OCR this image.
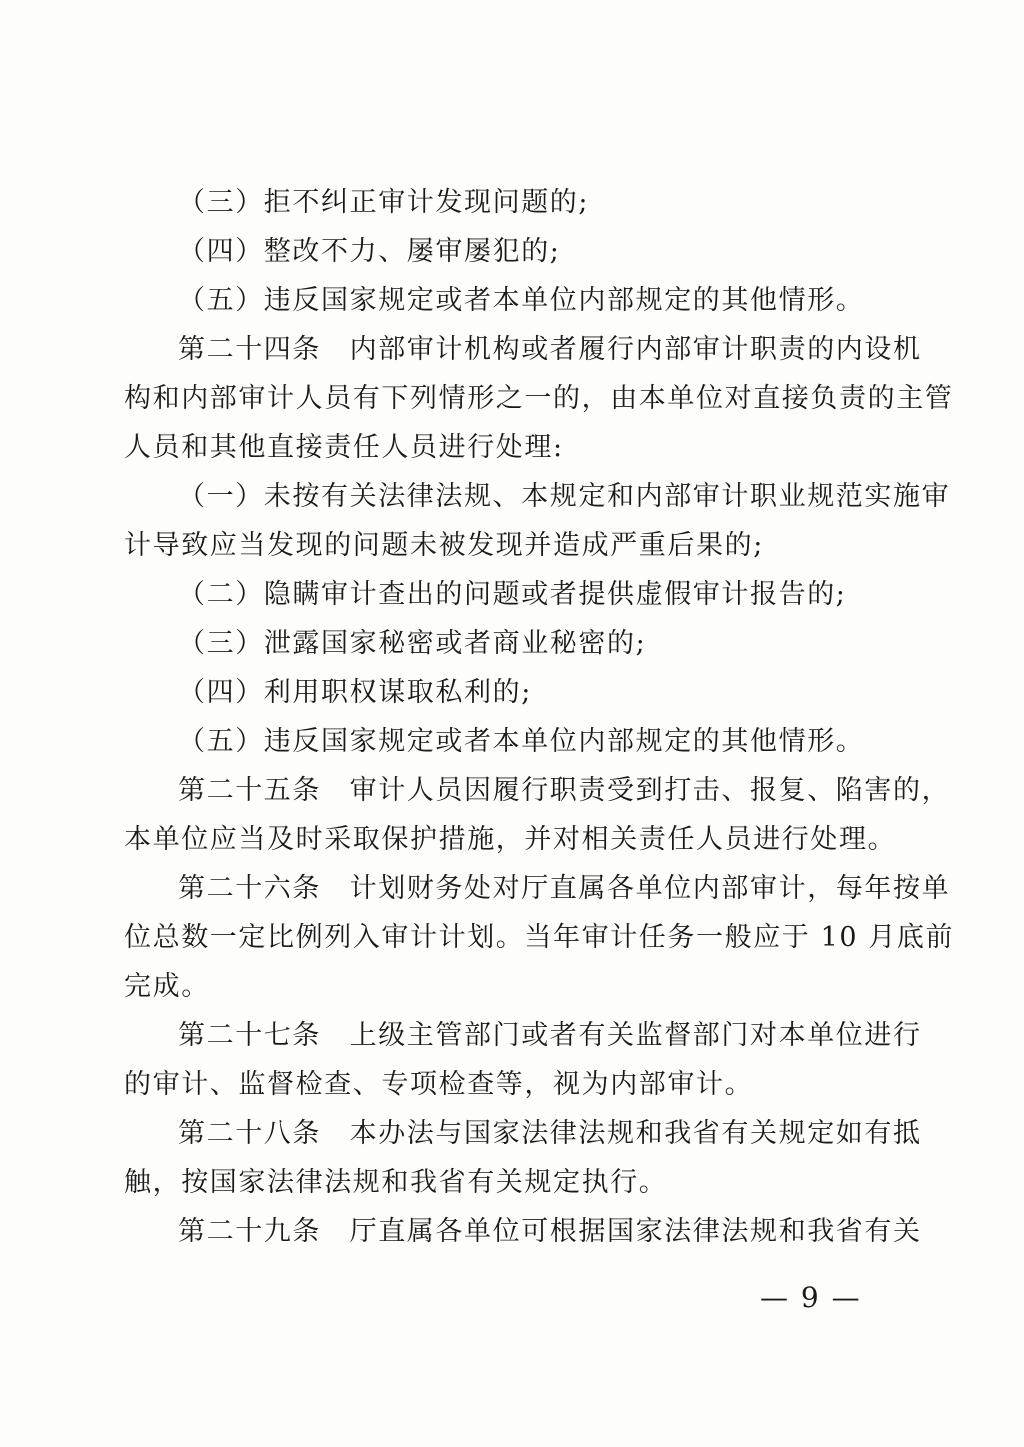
（三）拒不纠正审计发现问题的;
（四）整改不力、屡审屡犯的;
（五）违反国家规定或者本单位内部规定的其他情形。
第二十四条　内部审计机构或者履行内部审计职责的内设机
构和内部审计人员有下列情形之一的，由本单位对直接负责的主管
人员和其他直接责任人员进行处理:
（一）未按有关法律法规、本规定和内部审计职业规范实施审
计导致应当发现的问题未被发现并造成严重后果的;
（二）隐瞒审计查出的问题或者提供虚假审计报告的;
（三）泄露国家秘密或者商业秘密的;
（四）利用职权谋取私利的;
（五）违反国家规定或者本单位内部规定的其他情形。
第二十五条　审计人员因履行职责受到打击、报复、陷害的，
本单位应当及时采取保护措施，并对相关责任人员进行处理。
第二十六条　计划财务处对厅直属各单位内部审计，每年按单
位总数一定比例列入审计计划。当年审计任务一般应于 10 月底前
完成。
第二十七条　上级主管部门或者有关监督部门对本单位进行
的审计、监督检查、专项检查等，视为内部审计。
第二十八条　本办法与国家法律法规和我省有关规定如有抵
触，按国家法律法规和我省有关规定执行。
第二十九条　厅直属各单位可根据国家法律法规和我省有关
— 9 —
